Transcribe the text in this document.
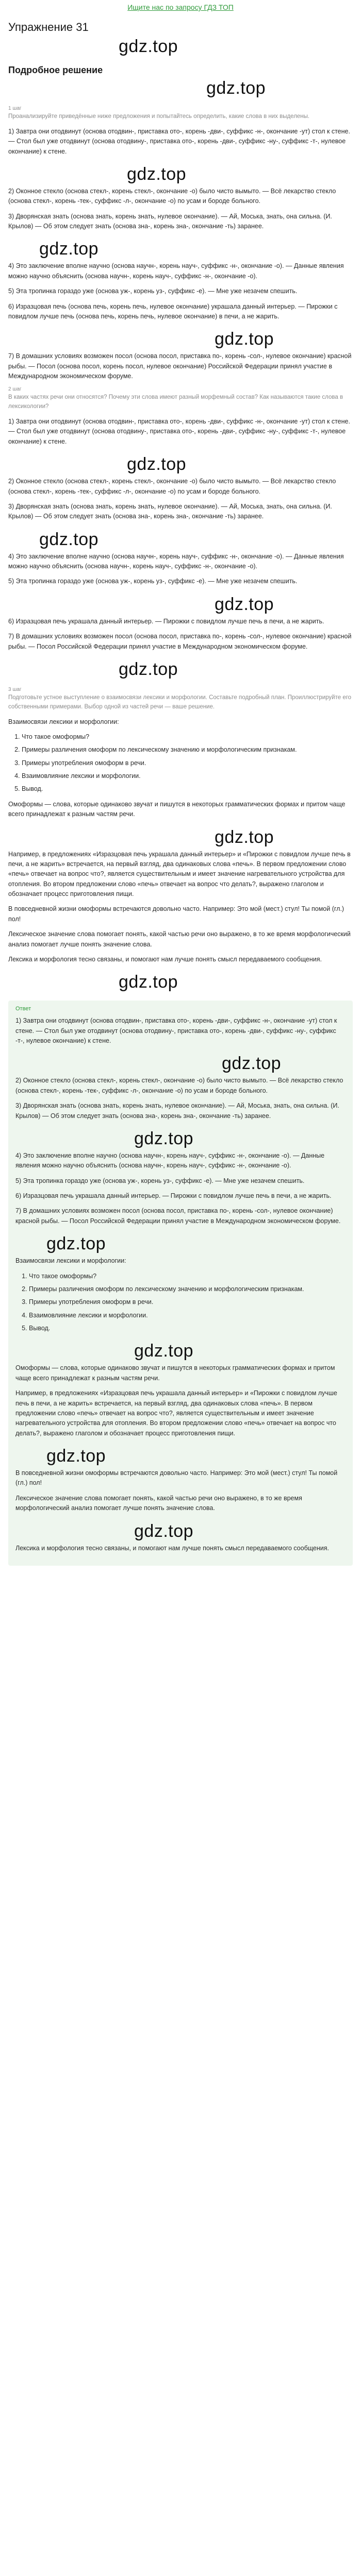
Ищите нас по запросу ГДЗ ТОП
Упражнение 31
gdz.top
Подробное решение
gdz.top
1 шаг

Проанализируйте приведённые ниже предложения и попытайтесь определить, какие слова в них выделены.

1) Завтра они отодвинут (основа отодвин-, приставка ото-, корень -дви-, суффикс -н-, окончание -ут) стол к стене. — Стол был уже отодвинут (основа отодвину-, приставка ото-, корень -дви-, суффикс -ну-, суффикс -т-, нулевое окончание) к стене.

gdz.top

2) Оконное стекло (основа стекл-, корень стекл-, окончание -о) было чисто вымыто. — Всё лекарство стекло (основа стекл-, корень -тек-, суффикс -л-, окончание -о) по усам и бороде больного.

3) Дворянская знать (основа знать, корень знать, нулевое окончание). — Ай, Моська, знать, она сильна. (И. Крылов) — Об этом следует знать (основа зна-, корень зна-, окончание -ть) заранее.

gdz.top

4) Это заключение вполне научно (основа научн-, корень науч-, суффикс -н-, окончание -о). — Данные явления можно научно объяснить (основа научн-, корень науч-, суффикс -н-, окончание -о).

5) Эта тропинка гораздо уже (основа уж-, корень уз-, суффикс -е). — Мне уже незачем спешить.

6) Изразцовая печь (основа печь, корень печь, нулевое окончание) украшала данный интерьер. — Пирожки с повидлом лучше печь (основа печь, корень печь, нулевое окончание) в печи, а не жарить.

gdz.top

7) В домашних условиях возможен посол (основа посол, приставка по-, корень -сол-, нулевое окончание) красной рыбы. — Посол (основа посол, корень посол, нулевое окончание) Российской Федерации принял участие в Международном экономическом форуме.

2 шаг

В каких частях речи они относятся? Почему эти слова имеют разный морфемный состав? Как называются такие слова в лексикологии?

1) Завтра они отодвинут (основа отодвин-, приставка ото-, корень -дви-, суффикс -н-, окончание -ут) стол к стене. — Стол был уже отодвинут (основа отодвину-, приставка ото-, корень -дви-, суффикс -ну-, суффикс -т-, нулевое окончание) к стене.

gdz.top

2) Оконное стекло (основа стекл-, корень стекл-, окончание -о) было чисто вымыто. — Всё лекарство стекло (основа стекл-, корень -тек-, суффикс -л-, окончание -о) по усам и бороде больного.

3) Дворянская знать (основа знать, корень знать, нулевое окончание). — Ай, Моська, знать, она сильна. (И. Крылов) — Об этом следует знать (основа зна-, корень зна-, окончание -ть) заранее.

gdz.top

4) Это заключение вполне научно (основа научн-, корень науч-, суффикс -н-, окончание -о). — Данные явления можно научно объяснить (основа научн-, корень науч-, суффикс -н-, окончание -о).

5) Эта тропинка гораздо уже (основа уж-, корень уз-, суффикс -е). — Мне уже незачем спешить.

gdz.top

6) Изразцовая печь украшала данный интерьер. — Пирожки с повидлом лучше печь в печи, а не жарить.

7) В домашних условиях возможен посол (основа посол, приставка по-, корень -сол-, нулевое окончание) красной рыбы. — Посол Российской Федерации принял участие в Международном экономическом форуме.

gdz.top
3 шаг

Подготовьте устное выступление о взаимосвязи лексики и морфологии. Составьте подробный план. Проиллюстрируйте его собственными примерами. Выбор одной из частей речи — ваше решение.

Взаимосвязи лексики и морфологии:

1. Что такое омоформы?
2. Примеры различения омоформ по лексическому значению и морфологическим признакам.
3. Примеры употребления омоформ в речи.
4. Взаимовлияние лексики и морфологии.
5. Вывод.

Омоформы — слова, которые одинаково звучат и пишутся в некоторых грамматических формах и притом чаще всего принадлежат к разным частям речи.

gdz.top

Например, в предложениях «Изразцовая печь украшала данный интерьер» и «Пирожки с повидлом лучше печь в печи, а не жарить» встречается, на первый взгляд, два одинаковых слова «печь». В первом предложении слово «печь» отвечает на вопрос что?, является существительным и имеет значение нагревательного устройства для отопления. Во втором предложении слово «печь» отвечает на вопрос что делать?, выражено глаголом и обозначает процесс приготовления пищи.

В повседневной жизни омоформы встречаются довольно часто. Например: Это мой (мест.) стул! Ты помой (гл.) пол!

Лексическое значение слова помогает понять, какой частью речи оно выражено, в то же время морфологический анализ помогает лучше понять значение слова.

Лексика и морфология тесно связаны, и помогают нам лучше понять смысл передаваемого сообщения.

gdz.top
Ответ

1) Завтра они отодвинут (основа отодвин-, приставка ото-, корень -дви-, суффикс -н-, окончание -ут) стол к стене. — Стол был уже отодвинут (основа отодвину-, приставка ото-, корень -дви-, суффикс -ну-, суффикс -т-, нулевое окончание) к стене.

gdz.top

2) Оконное стекло (основа стекл-, корень стекл-, окончание -о) было чисто вымыто. — Всё лекарство стекло (основа стекл-, корень -тек-, суффикс -л-, окончание -о) по усам и бороде больного.

3) Дворянская знать (основа знать, корень знать, нулевое окончание). — Ай, Моська, знать, она сильна. (И. Крылов) — Об этом следует знать (основа зна-, корень зна-, окончание -ть) заранее.

gdz.top

4) Это заключение вполне научно (основа научн-, корень науч-, суффикс -н-, окончание -о). — Данные явления можно научно объяснить (основа научн-, корень науч-, суффикс -н-, окончание -о).

5) Эта тропинка гораздо уже (основа уж-, корень уз-, суффикс -е). — Мне уже незачем спешить.

6) Изразцовая печь украшала данный интерьер. — Пирожки с повидлом лучше печь в печи, а не жарить.

7) В домашних условиях возможен посол (основа посол, приставка по-, корень -сол-, нулевое окончание) красной рыбы. — Посол Российской Федерации принял участие в Международном экономическом форуме.

gdz.top

Взаимосвязи лексики и морфологии:

1. Что такое омоформы?
2. Примеры различения омоформ по лексическому значению и морфологическим признакам.
3. Примеры употребления омоформ в речи.
4. Взаимовлияние лексики и морфологии.
5. Вывод.
gdz.top

Омоформы — слова, которые одинаково звучат и пишутся в некоторых грамматических формах и притом чаще всего принадлежат к разным частям речи.

Например, в предложениях «Изразцовая печь украшала данный интерьер» и «Пирожки с повидлом лучше печь в печи, а не жарить» встречается, на первый взгляд, два одинаковых слова «печь». В первом предложении слово «печь» отвечает на вопрос что?, является существительным и имеет значение нагревательного устройства для отопления. Во втором предложении слово «печь» отвечает на вопрос что делать?, выражено глаголом и обозначает процесс приготовления пищи.

gdz.top

В повседневной жизни омоформы встречаются довольно часто. Например: Это мой (мест.) стул! Ты помой (гл.) пол!

Лексическое значение слова помогает понять, какой частью речи оно выражено, в то же время морфологический анализ помогает лучше понять значение слова.

gdz.top

Лексика и морфология тесно связаны, и помогают нам лучше понять смысл передаваемого сообщения.
